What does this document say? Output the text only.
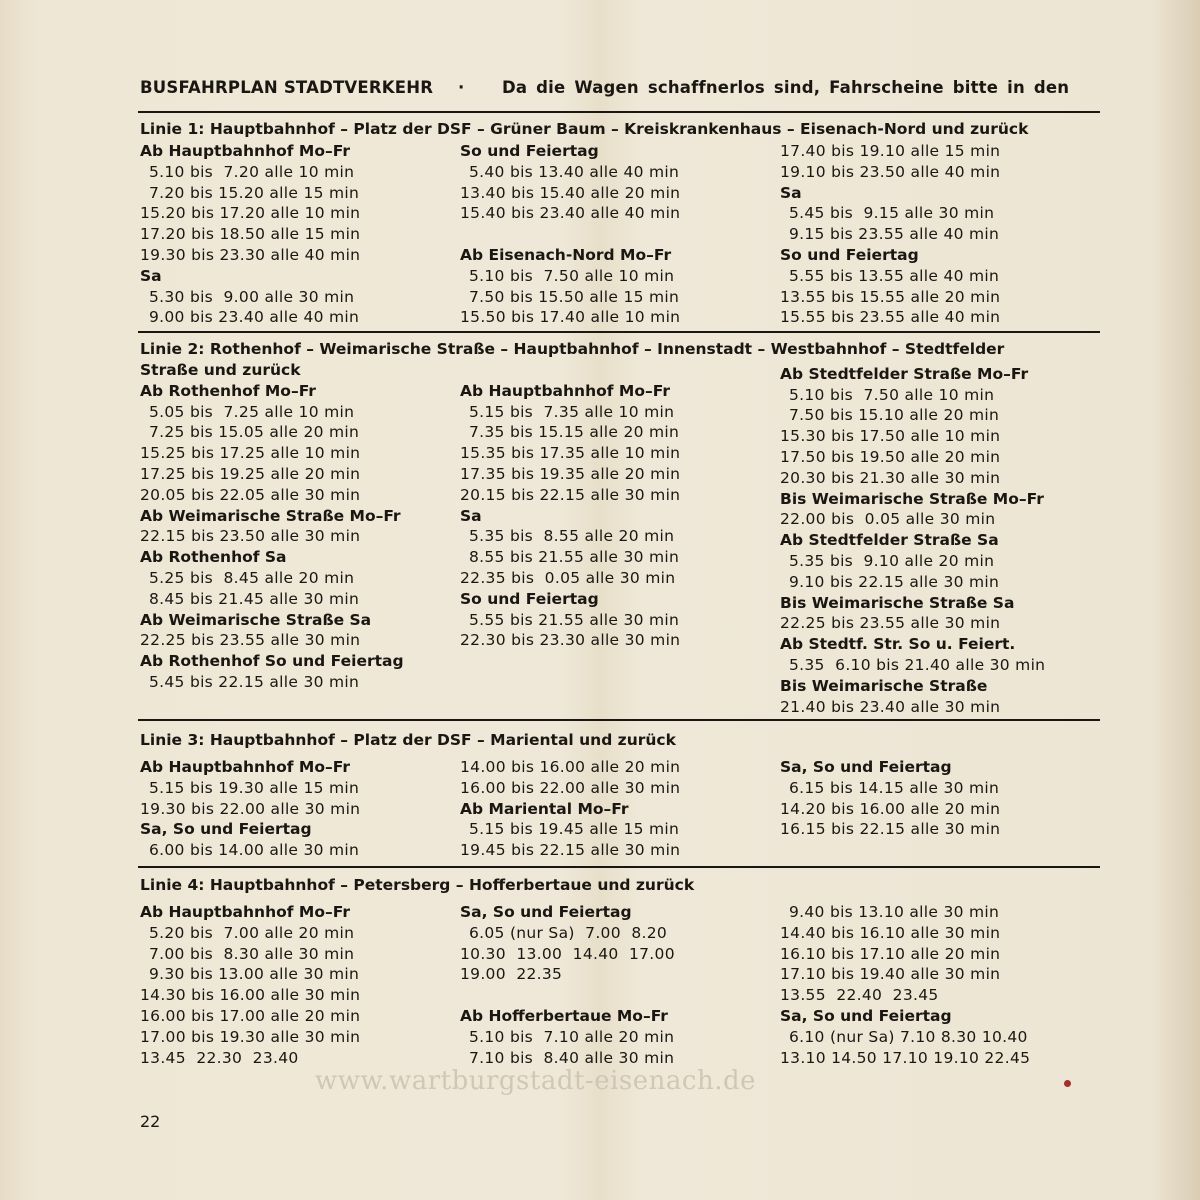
BUSFAHRPLAN STADTVERKEHR · Da die Wagen schaffnerlos sind, Fahrscheine bitte in den
Linie 1: Hauptbahnhof – Platz der DSF – Grüner Baum – Kreiskrankenhaus – Eisenach-Nord und zurück
Ab Hauptbahnhof Mo–Fr
5.10 bis  7.20 alle 10 min
7.20 bis 15.20 alle 15 min
15.20 bis 17.20 alle 10 min
17.20 bis 18.50 alle 15 min
19.30 bis 23.30 alle 40 min
Sa
5.30 bis  9.00 alle 30 min
9.00 bis 23.40 alle 40 min
So und Feiertag
5.40 bis 13.40 alle 40 min
13.40 bis 15.40 alle 20 min
15.40 bis 23.40 alle 40 min
Ab Eisenach-Nord Mo–Fr
5.10 bis  7.50 alle 10 min
7.50 bis 15.50 alle 15 min
15.50 bis 17.40 alle 10 min
17.40 bis 19.10 alle 15 min
19.10 bis 23.50 alle 40 min
Sa
5.45 bis  9.15 alle 30 min
9.15 bis 23.55 alle 40 min
So und Feiertag
5.55 bis 13.55 alle 40 min
13.55 bis 15.55 alle 20 min
15.55 bis 23.55 alle 40 min
Linie 2: Rothenhof – Weimarische Straße – Hauptbahnhof – Innenstadt – Westbahnhof – Stedtfelder
Straße und zurück
Ab Rothenhof Mo–Fr
5.05 bis  7.25 alle 10 min
7.25 bis 15.05 alle 20 min
15.25 bis 17.25 alle 10 min
17.25 bis 19.25 alle 20 min
20.05 bis 22.05 alle 30 min
Ab Weimarische Straße Mo–Fr
22.15 bis 23.50 alle 30 min
Ab Rothenhof Sa
5.25 bis  8.45 alle 20 min
8.45 bis 21.45 alle 30 min
Ab Weimarische Straße Sa
22.25 bis 23.55 alle 30 min
Ab Rothenhof So und Feiertag
5.45 bis 22.15 alle 30 min
Ab Hauptbahnhof Mo–Fr
5.15 bis  7.35 alle 10 min
7.35 bis 15.15 alle 20 min
15.35 bis 17.35 alle 10 min
17.35 bis 19.35 alle 20 min
20.15 bis 22.15 alle 30 min
Sa
5.35 bis  8.55 alle 20 min
8.55 bis 21.55 alle 30 min
22.35 bis  0.05 alle 30 min
So und Feiertag
5.55 bis 21.55 alle 30 min
22.30 bis 23.30 alle 30 min
Ab Stedtfelder Straße Mo–Fr
5.10 bis  7.50 alle 10 min
7.50 bis 15.10 alle 20 min
15.30 bis 17.50 alle 10 min
17.50 bis 19.50 alle 20 min
20.30 bis 21.30 alle 30 min
Bis Weimarische Straße Mo–Fr
22.00 bis  0.05 alle 30 min
Ab Stedtfelder Straße Sa
5.35 bis  9.10 alle 20 min
9.10 bis 22.15 alle 30 min
Bis Weimarische Straße Sa
22.25 bis 23.55 alle 30 min
Ab Stedtf. Str. So u. Feiert.
5.35  6.10 bis 21.40 alle 30 min
Bis Weimarische Straße
21.40 bis 23.40 alle 30 min
Linie 3: Hauptbahnhof – Platz der DSF – Mariental und zurück
Ab Hauptbahnhof Mo–Fr
5.15 bis 19.30 alle 15 min
19.30 bis 22.00 alle 30 min
Sa, So und Feiertag
6.00 bis 14.00 alle 30 min
14.00 bis 16.00 alle 20 min
16.00 bis 22.00 alle 30 min
Ab Mariental Mo–Fr
5.15 bis 19.45 alle 15 min
19.45 bis 22.15 alle 30 min
Sa, So und Feiertag
6.15 bis 14.15 alle 30 min
14.20 bis 16.00 alle 20 min
16.15 bis 22.15 alle 30 min
Linie 4: Hauptbahnhof – Petersberg – Hofferbertaue und zurück
Ab Hauptbahnhof Mo–Fr
5.20 bis  7.00 alle 20 min
7.00 bis  8.30 alle 30 min
9.30 bis 13.00 alle 30 min
14.30 bis 16.00 alle 30 min
16.00 bis 17.00 alle 20 min
17.00 bis 19.30 alle 30 min
13.45  22.30  23.40
Sa, So und Feiertag
6.05 (nur Sa)  7.00  8.20
10.30  13.00  14.40  17.00
19.00  22.35
Ab Hofferbertaue Mo–Fr
5.10 bis  7.10 alle 20 min
7.10 bis  8.40 alle 30 min
9.40 bis 13.10 alle 30 min
14.40 bis 16.10 alle 30 min
16.10 bis 17.10 alle 20 min
17.10 bis 19.40 alle 30 min
13.55  22.40  23.45
Sa, So und Feiertag
6.10 (nur Sa) 7.10 8.30 10.40
13.10 14.50 17.10 19.10 22.45
www.wartburgstadt-eisenach.de
22
